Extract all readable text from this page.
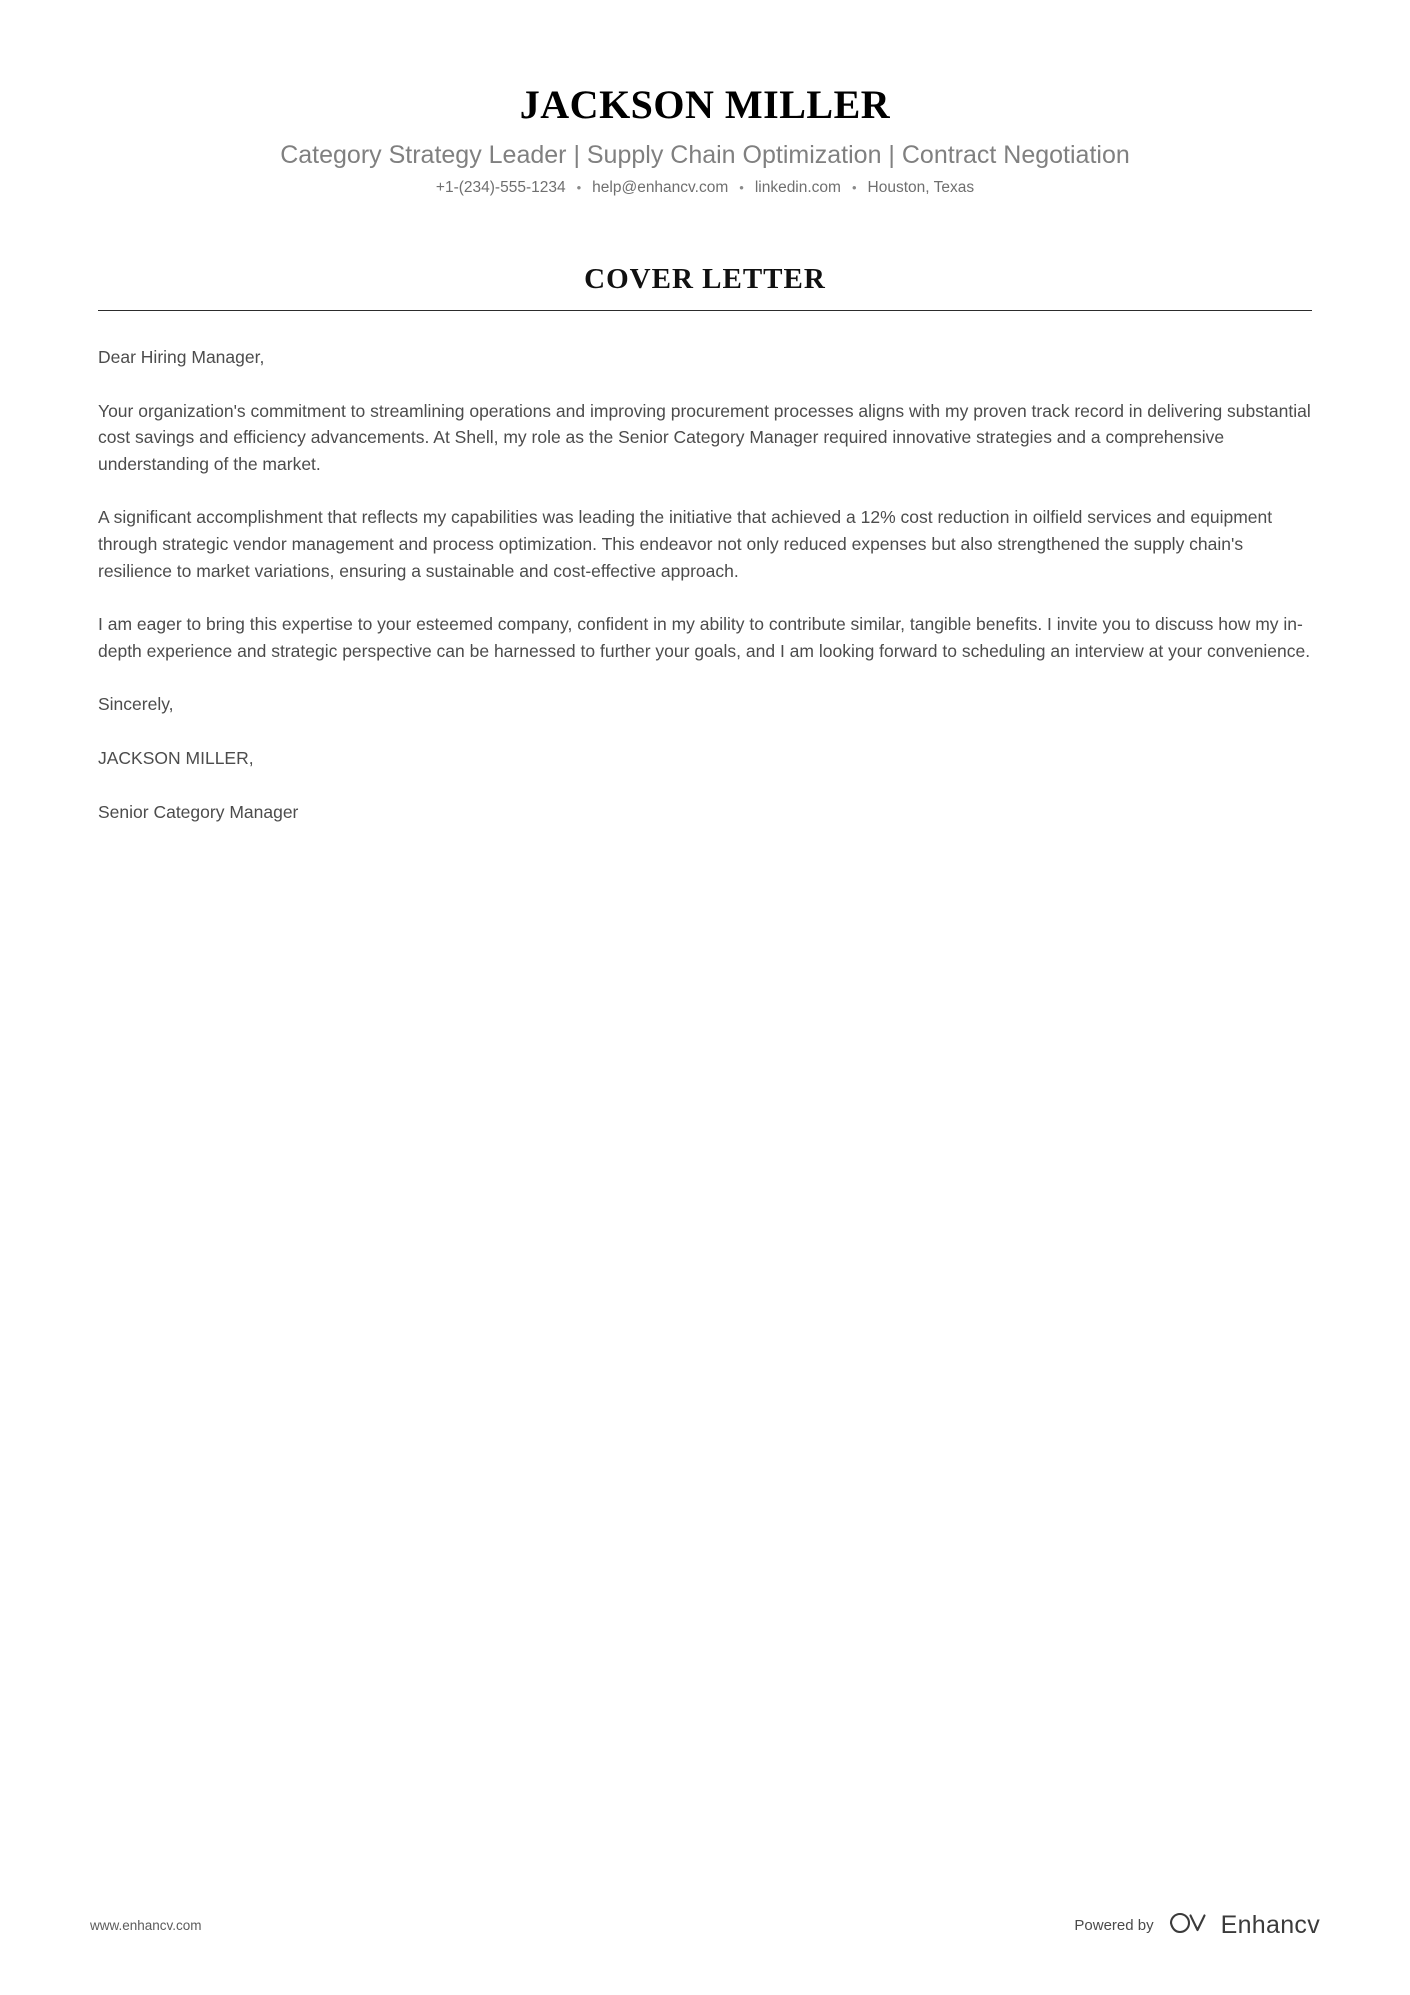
JACKSON MILLER
Category Strategy Leader | Supply Chain Optimization | Contract Negotiation
+1-(234)-555-1234 • help@enhancv.com • linkedin.com • Houston, Texas
COVER LETTER

Dear Hiring Manager,

Your organization's commitment to streamlining operations and improving procurement processes aligns with my proven track record in delivering substantial cost savings and efficiency advancements. At Shell, my role as the Senior Category Manager required innovative strategies and a comprehensive understanding of the market.

A significant accomplishment that reflects my capabilities was leading the initiative that achieved a 12% cost reduction in oilfield services and equipment through strategic vendor management and process optimization. This endeavor not only reduced expenses but also strengthened the supply chain's resilience to market variations, ensuring a sustainable and cost-effective approach.

I am eager to bring this expertise to your esteemed company, confident in my ability to contribute similar, tangible benefits. I invite you to discuss how my in-depth experience and strategic perspective can be harnessed to further your goals, and I am looking forward to scheduling an interview at your convenience.

Sincerely,

JACKSON MILLER,

Senior Category Manager

www.enhancv.com	Powered by	Enhancv
